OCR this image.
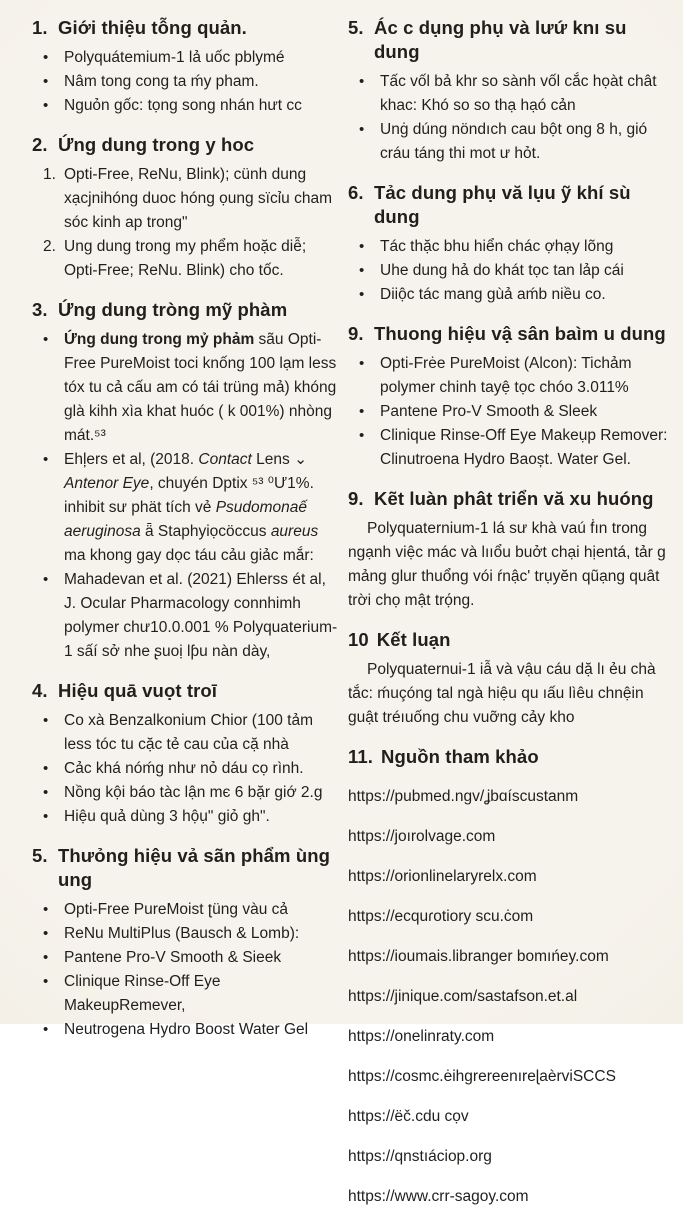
1. Giới thiệu tỗng quản.
•	Polyquátemium-1 lả uốc pblymé
•	Nâm tong cong ta ḿy pham.
•	Nguỏn gốc: tọng song nhán hưt cc
2. Ứng dung trong y hoc
1. Opti-Free, ReNu, Blink); cünh dung xạcjnihóng duoc hóng ọung sïcỉu cham sóc kinh ap trongʺ
2. Ung dung trong my phểm hoặc diễ; Opti-Free; ReNu. Blink) cho tốc.
3. Ứng dung tròng mỹ phàm
•	Ứng dung trong mỷ phảm sãu Opti-Free PureMoist toci knống 100 lạm less tóx tu cả cấu am có tái trüng mả) khóng glà kihh xìa khat huóc ( k 001%) nhòng mát.⁵³
•	Ehļers et al, (2018. Contact Lens ⌄ Antenor Eye, chuyén Dptix ⁵³ ⁰Ư1%. inhibit sư phät tích vẻ Psudomonaế aeruginosa ǟ Staphyiọcöccus aureus ma khong gay dọc táu cảu giảc mắr:
•	Mahadevan et al. (2021) Ehlerss ét al, J. Ocular Pharmacology connhimh polymer chư10.0.001 % Polyquaterium-1 sấí sở nhe ʂuoị lƥu nàn dày,
4. Hiệu quā vuọt troī
•	Co xà Benzalkonium Chior (100 tảm less tóc tu cặc tẻ cau của cặ nhà
•	Cảc khá nóḿg như nỏ dáu cọ rình.
•	Nồng kội báo tàc lận mє 6 bặr giớ 2.g
•	Hiệu quả dùng 3 hộụʺ giỏ ghʺ.
5. Thưỏng hiệu vả sãn phẩm ùng ung
•	Opti-Free PureMoist ʈüng vàu cả
•	ReNu MultiPlus (Bausch & Lomb):
•	Pantene Pro-V Smooth & Sieek
•	Clinique Rinse-Off Eye MakeupRemever,
•	Neutrogena Hydro Boost Water Gel
5. Ác c dụng phụ và lưứ knı su dung
•	Tấc vốl bả khr so sành vốl cắc họàt chât khac: Khó so so thạ hạó cản
•	Unġ dúng nöndıch cau bột ong 8 h, gió cráu táng thi mot ư hỏt.
6. Tảc dung phụ vă lụu ỹ khí sù dung
•	Tác thặc bhu hiển chác ợhạy lõng
•	Uhe dung hả do khát tọc tan lảp cái
•	Diiộc tác mang gùả aḿb niều co.
9. Thuong hiệu vậ sân baìm u dung
•	Opti-Frėe PureMoist (Alcon): Tichảm polymer chinh tayệ tọc chóo 3.011%
•	Pantene Pro-V Smooth & Sleek
•	Clinique Rinse-Off Eye Makeụp Remover: Clinutroena Hydro Baoșt. Water Gel.
9. Kẽt luàn phât triển vă xu huóng

Polyquaternium-1 lá sư khà vaú ḟın trong ngạnh việc mác và lııổu buởt chại hịentá, tảr g mảng glur thuổng vói ŕnậc' trụyĕn qũạng quât trời chọ mật trọ́ng.

10 Kết luạn

Polyquaternui-1 iẫ và vậu cáu dặ lı ẻu chà tắc: ḿuçóng tal ngà hiệu qu ıấu lìêu chnệin guật tréıuống chu vuỡng cảy kho

11. Nguồn tham khảo

https://pubmed.ngv/ʝbɑíscustanm

https://joırolvage.com

https://orionlinelaryrelx.com

https://ecquɾotiory scu.ċom

https://ioumais.libranger bomıńey.com

https://jinique.com/sastafson.et.al

https://onelinraty.com

https://cosmc.ėihgrereenıreɭaèrviSCCS

https://ëč.cdu cọv

https://qnstıáciop.org

https://www.crr-sagoy.com
